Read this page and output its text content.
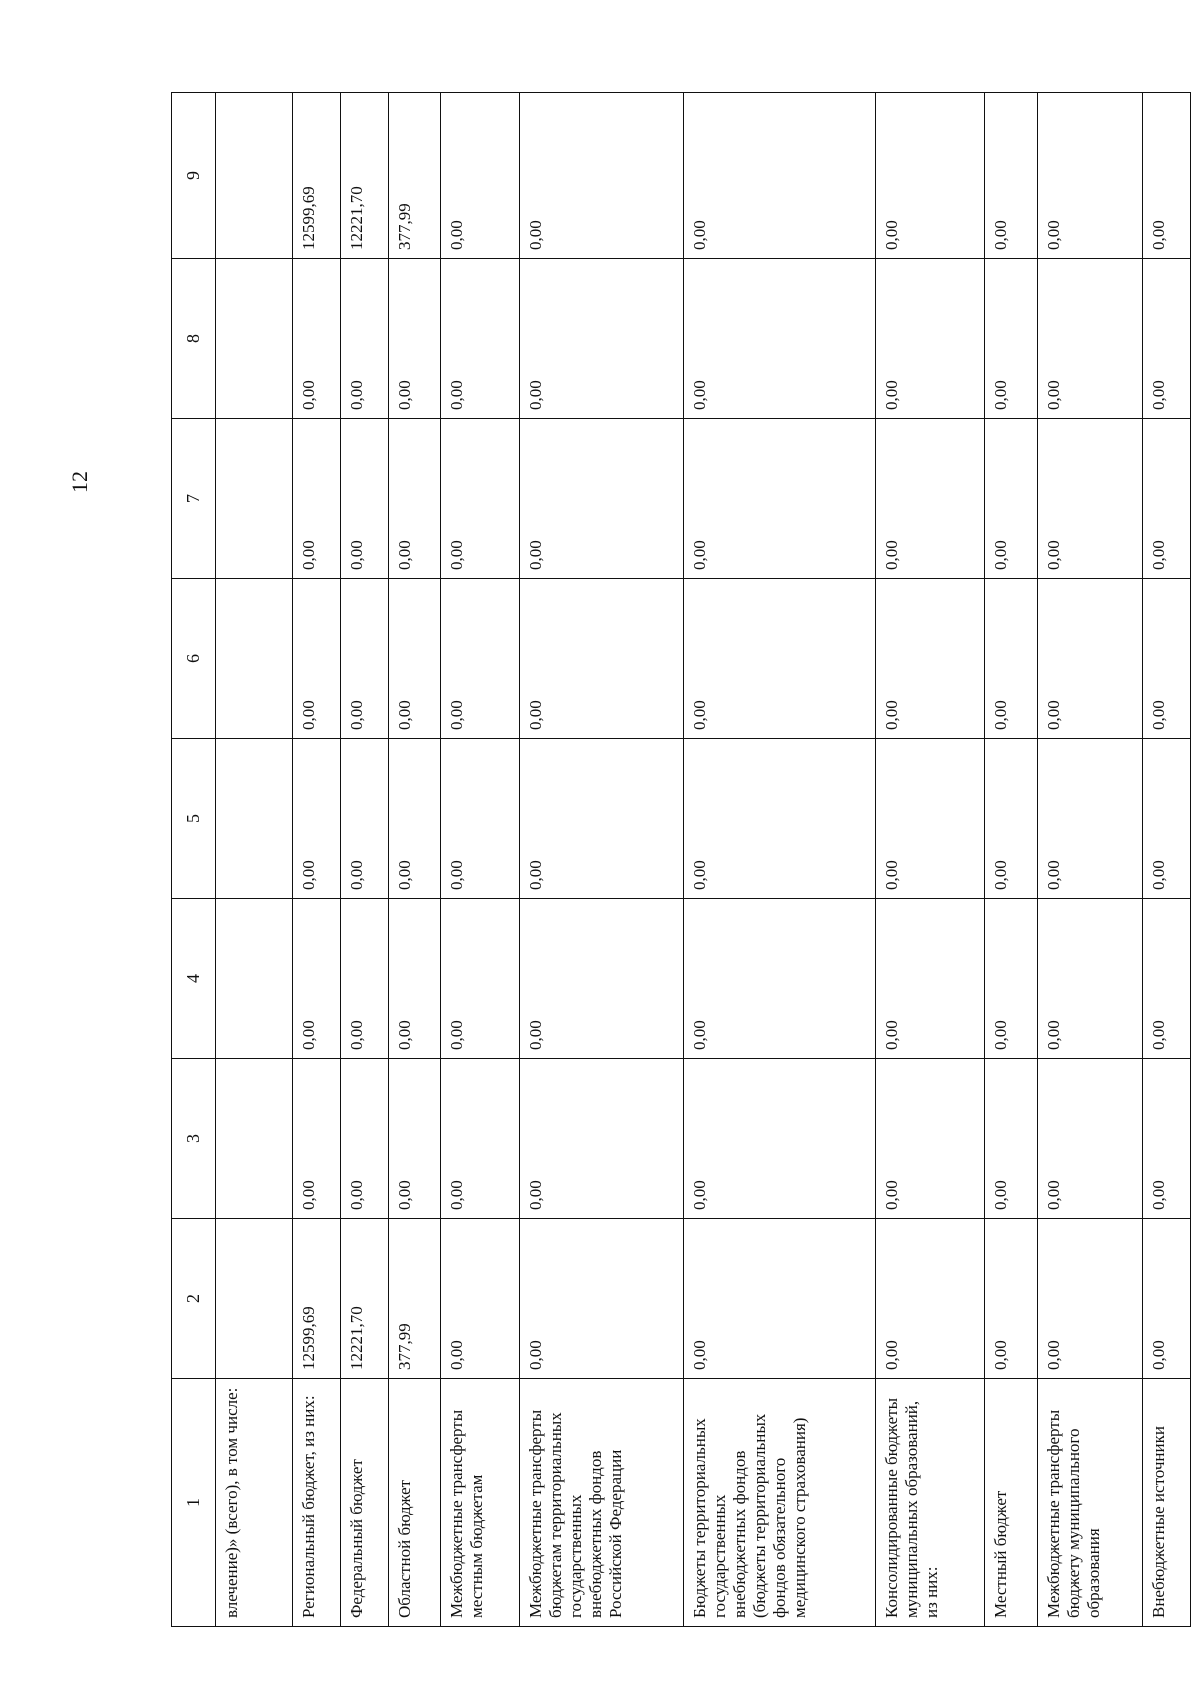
12
1	2	3	4	5	6	7	8	9
влечение)» (всего), в том числе:								
Региональный бюджет, из них:	12599,69	0,00	0,00	0,00	0,00	0,00	0,00	12599,69
Федеральный бюджет	12221,70	0,00	0,00	0,00	0,00	0,00	0,00	12221,70
Областной бюджет	377,99	0,00	0,00	0,00	0,00	0,00	0,00	377,99
Межбюджетные трансферты местным бюджетам	0,00	0,00	0,00	0,00	0,00	0,00	0,00	0,00
Межбюджетные трансферты бюджетам территориальных государственных внебюджетных фондов Российской Федерации	0,00	0,00	0,00	0,00	0,00	0,00	0,00	0,00
Бюджеты территориальных государственных внебюджетных фондов (бюджеты территориальных фондов обязательного медицинского страхования)	0,00	0,00	0,00	0,00	0,00	0,00	0,00	0,00
Консолидированные бюджеты муниципальных образований, из них:	0,00	0,00	0,00	0,00	0,00	0,00	0,00	0,00
Местный бюджет	0,00	0,00	0,00	0,00	0,00	0,00	0,00	0,00
Межбюджетные трансферты бюджету муниципального образования	0,00	0,00	0,00	0,00	0,00	0,00	0,00	0,00
Внебюджетные источники	0,00	0,00	0,00	0,00	0,00	0,00	0,00	0,00
